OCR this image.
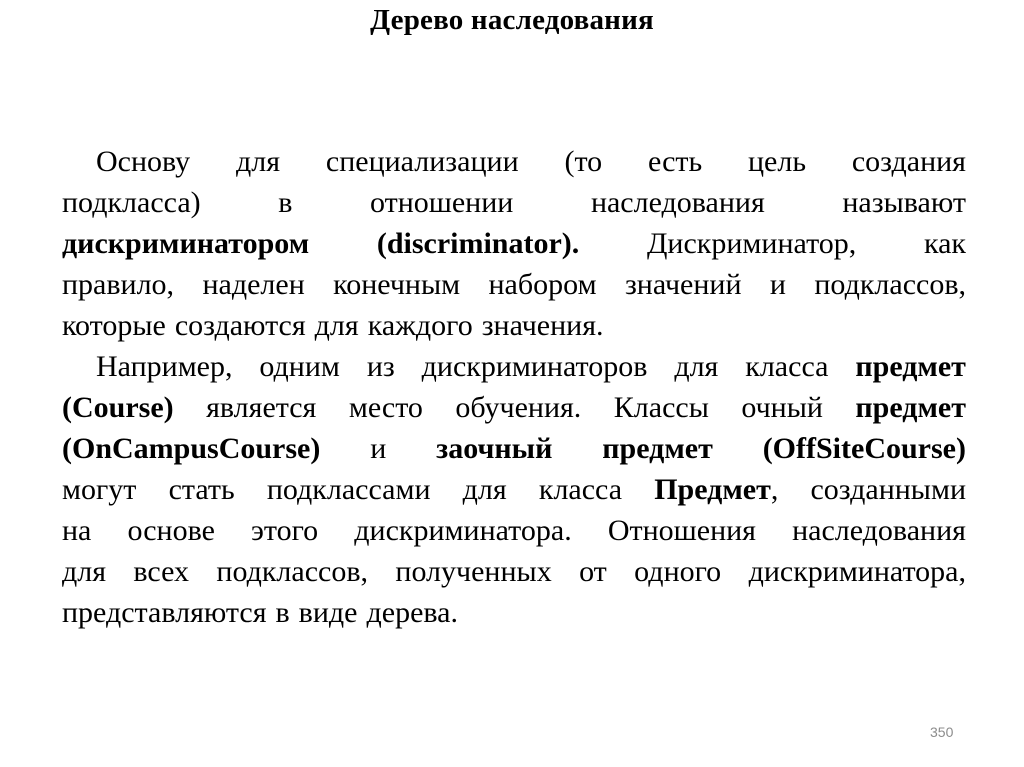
Дерево наследования
Основу для специализации (то есть цель создания
подкласса)	в	отношении	наследования	называют
дискриминатором (discriminator). Дискриминатор, как
правило, наделен конечным набором значений и подклассов,
которые создаются для каждого значения.
Например, одним из дискриминаторов для класса предмет
(Course) является место обучения. Классы очный предмет
(OnCampusCourse) и заочный предмет (OffSiteCourse)
могут стать подклассами для класса Предмет, созданными
на основе этого дискриминатора. Отношения наследования
для всех подклассов, полученных от одного дискриминатора,
представляются в виде дерева.
350
